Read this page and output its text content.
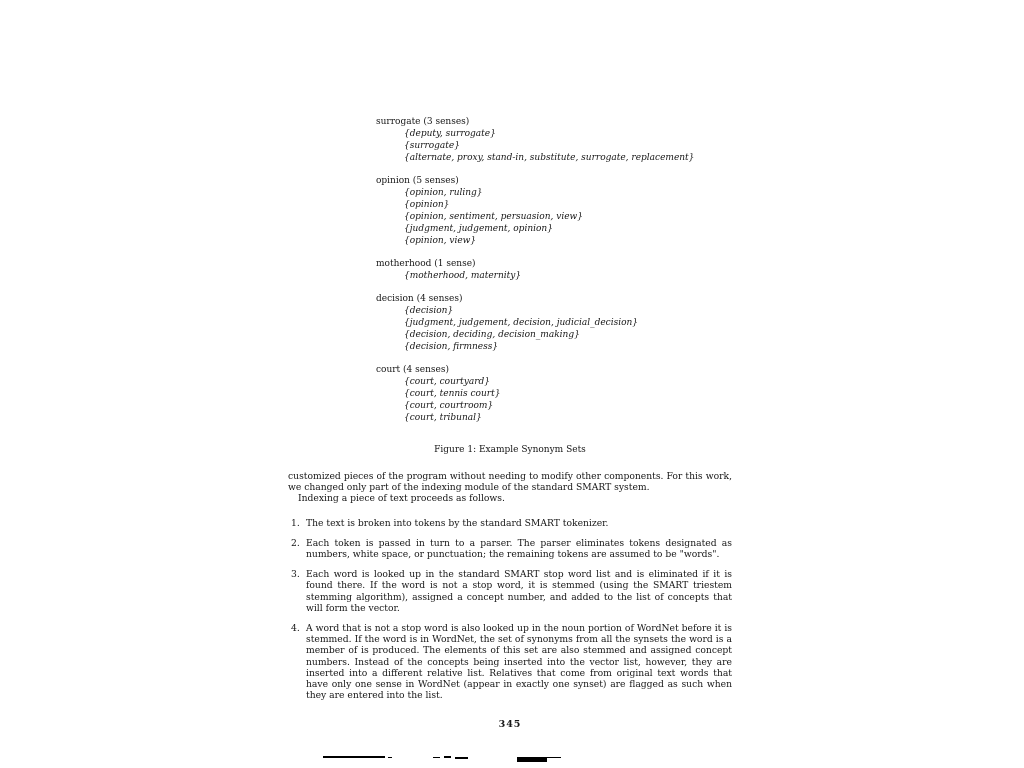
surrogate (3 senses)
{deputy, surrogate}
{surrogate}
{alternate, proxy, stand-in, substitute, surrogate, replacement}
opinion (5 senses)
{opinion, ruling}
{opinion}
{opinion, sentiment, persuasion, view}
{judgment, judgement, opinion}
{opinion, view}
motherhood (1 sense)
{motherhood, maternity}
decision (4 senses)
{decision}
{judgment, judgement, decision, judicial_decision}
{decision, deciding, decision_making}
{decision, firmness}
court (4 senses)
{court, courtyard}
{court, tennis court}
{court, courtroom}
{court, tribunal}
Figure 1: Example Synonym Sets

customized pieces of the program without needing to modify other components. For this work, we changed only part of the indexing module of the standard SMART system.

Indexing a piece of text proceeds as follows.

1. The text is broken into tokens by the standard SMART tokenizer.
2. Each token is passed in turn to a parser. The parser eliminates tokens designated as numbers, white space, or punctuation; the remaining tokens are assumed to be "words".
3. Each word is looked up in the standard SMART stop word list and is eliminated if it is found there. If the word is not a stop word, it is stemmed (using the SMART triestem stemming algorithm), assigned a concept number, and added to the list of concepts that will form the vector.
4. A word that is not a stop word is also looked up in the noun portion of WordNet before it is stemmed. If the word is in WordNet, the set of synonyms from all the synsets the word is a member of is produced. The elements of this set are also stemmed and assigned concept numbers. Instead of the concepts being inserted into the vector list, however, they are inserted into a different relative list. Relatives that come from original text words that have only one sense in WordNet (appear in exactly one synset) are flagged as such when they are entered into the list.
345
